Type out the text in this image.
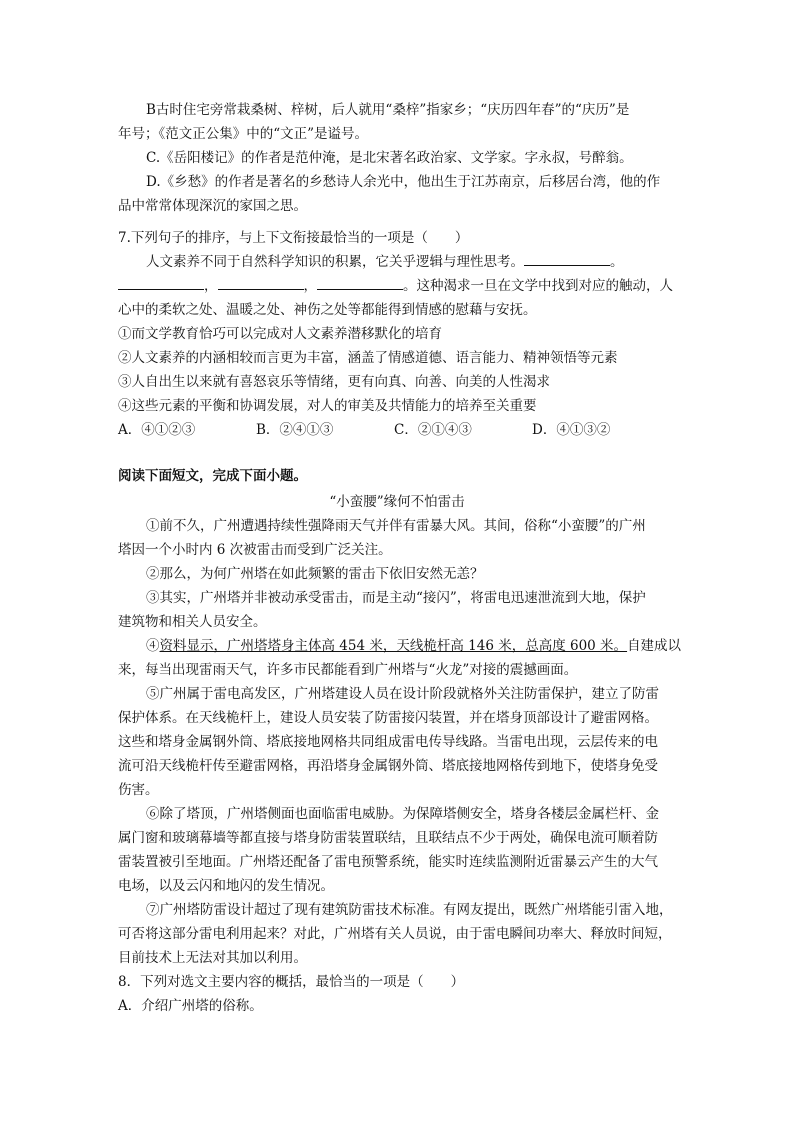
B古时住宅旁常栽桑树、梓树，后人就用“桑梓”指家乡；“庆历四年春”的“庆历”是
年号；《范文正公集》中的“文正”是谥号。
C.《岳阳楼记》的作者是范仲淹，是北宋著名政治家、文学家。字永叔，号醉翁。
D.《乡愁》的作者是著名的乡愁诗人余光中，他出生于江苏南京，后移居台湾，他的作
品中常常体现深沉的家国之思。
7.下列句子的排序，与上下文衔接最恰当的一项是（　　）
人文素养不同于自然科学知识的积累，它关乎逻辑与理性思考。	。
，	，	。这种渴求一旦在文学中找到对应的触动，人
心中的柔软之处、温暖之处、神伤之处等都能得到情感的慰藉与安抚。
①而文学教育恰巧可以完成对人文素养潜移默化的培育
②人文素养的内涵相较而言更为丰富，涵盖了情感道德、语言能力、精神领悟等元素
③人自出生以来就有喜怒哀乐等情绪，更有向真、向善、向美的人性渴求
④这些元素的平衡和协调发展，对人的审美及共情能力的培养至关重要
A．④①②③	B．②④①③	C．②①④③	D．④①③②
阅读下面短文，完成下面小题。
“小蛮腰”缘何不怕雷击
①前不久，广州遭遇持续性强降雨天气并伴有雷暴大风。其间，俗称“小蛮腰”的广州
塔因一个小时内 6 次被雷击而受到广泛关注。
②那么，为何广州塔在如此频繁的雷击下依旧安然无恙？
③其实，广州塔并非被动承受雷击，而是主动“接闪”，将雷电迅速泄流到大地，保护
建筑物和相关人员安全。
④资料显示，广州塔塔身主体高 454 米，天线桅杆高 146 米，总高度 600 米。自建成以
来，每当出现雷雨天气，许多市民都能看到广州塔与“火龙”对接的震撼画面。
⑤广州属于雷电高发区，广州塔建设人员在设计阶段就格外关注防雷保护，建立了防雷
保护体系。在天线桅杆上，建设人员安装了防雷接闪装置，并在塔身顶部设计了避雷网格。
这些和塔身金属钢外筒、塔底接地网格共同组成雷电传导线路。当雷电出现，云层传来的电
流可沿天线桅杆传至避雷网格，再沿塔身金属钢外筒、塔底接地网格传到地下，使塔身免受
伤害。
⑥除了塔顶，广州塔侧面也面临雷电威胁。为保障塔侧安全，塔身各楼层金属栏杆、金
属门窗和玻璃幕墙等都直接与塔身防雷装置联结，且联结点不少于两处，确保电流可顺着防
雷装置被引至地面。广州塔还配备了雷电预警系统，能实时连续监测附近雷暴云产生的大气
电场，以及云闪和地闪的发生情况。
⑦广州塔防雷设计超过了现有建筑防雷技术标准。有网友提出，既然广州塔能引雷入地，
可否将这部分雷电利用起来？对此，广州塔有关人员说，由于雷电瞬间功率大、释放时间短，
目前技术上无法对其加以利用。
8．下列对选文主要内容的概括，最恰当的一项是（　　）
A．介绍广州塔的俗称。
